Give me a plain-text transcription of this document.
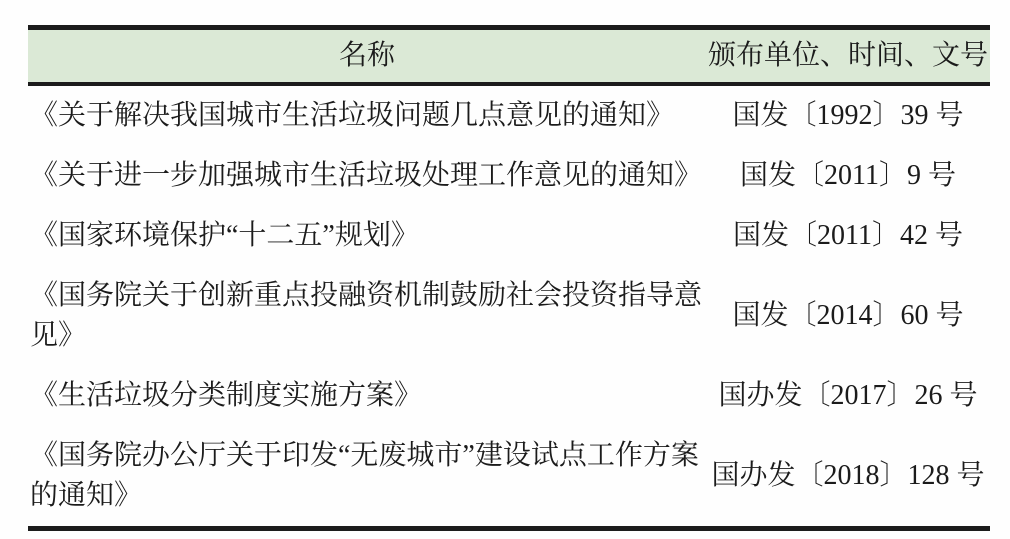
名称	颁布单位、时间、文号
《关于解决我国城市生活垃圾问题几点意见的通知》	国发〔1992〕39 号
《关于进一步加强城市生活垃圾处理工作意见的通知》	国发〔2011〕9 号
《国家环境保护“十二五”规划》	国发〔2011〕42 号
《国务院关于创新重点投融资机制鼓励社会投资指导意见》	国发〔2014〕60 号
《生活垃圾分类制度实施方案》	国办发〔2017〕26 号
《国务院办公厅关于印发“无废城市”建设试点工作方案的通知》	国办发〔2018〕128 号
